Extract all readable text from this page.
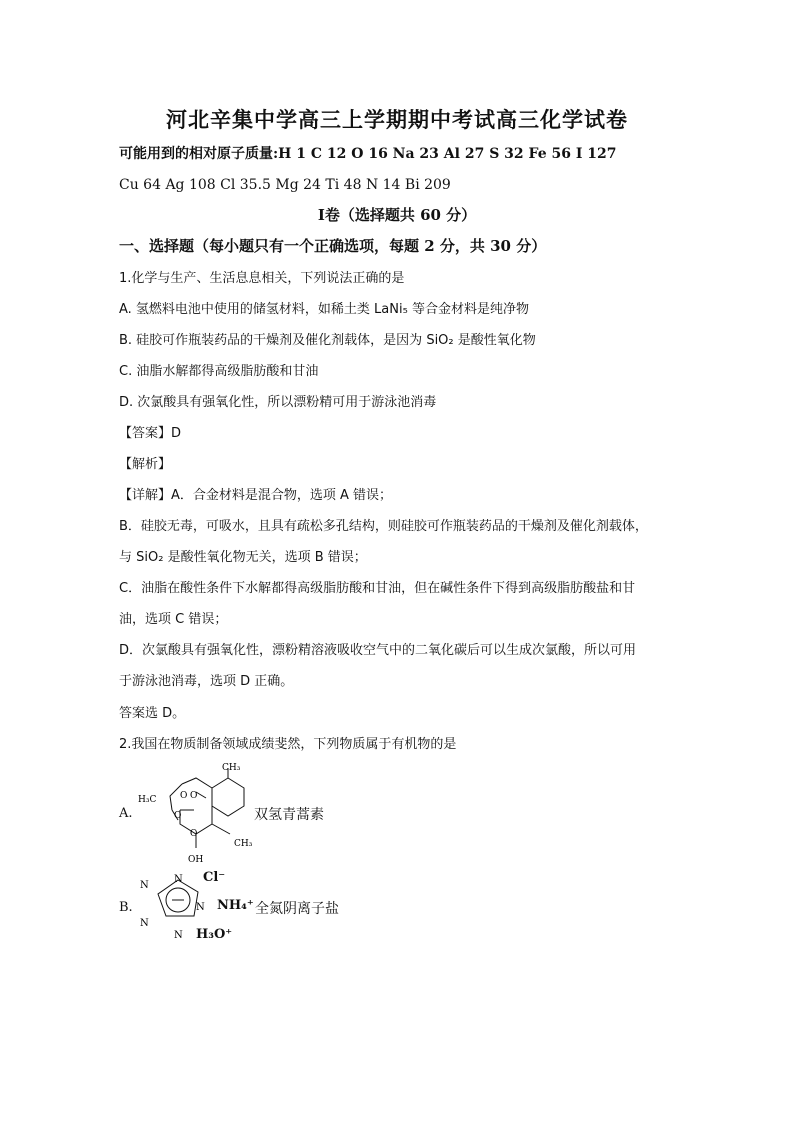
河北辛集中学高三上学期期中考试高三化学试卷
可能用到的相对原子质量:H 1 C 12 O 16 Na 23 Al 27 S 32 Fe 56 I 127
Cu 64 Ag 108 Cl 35.5 Mg 24 Ti 48 N 14 Bi 209
Ⅰ卷（选择题共 60 分）
一、选择题（每小题只有一个正确选项，每题 2 分，共 30 分）
1.化学与生产、生活息息相关，下列说法正确的是
A. 氢燃料电池中使用的储氢材料，如稀土类 LaNi₅ 等合金材料是纯净物
B. 硅胶可作瓶装药品的干燥剂及催化剂载体，是因为 SiO₂ 是酸性氧化物
C. 油脂水解都得高级脂肪酸和甘油
D. 次氯酸具有强氧化性，所以漂粉精可用于游泳池消毒
【答案】D
【解析】
【详解】A．合金材料是混合物，选项 A 错误；
B．硅胶无毒，可吸水，且具有疏松多孔结构，则硅胶可作瓶装药品的干燥剂及催化剂载体，
与 SiO₂ 是酸性氧化物无关，选项 B 错误；
C．油脂在酸性条件下水解都得高级脂肪酸和甘油，但在碱性条件下得到高级脂肪酸盐和甘
油，选项 C 错误；
D．次氯酸具有强氧化性，漂粉精溶液吸收空气中的二氧化碳后可以生成次氯酸，所以可用
于游泳池消毒，选项 D 正确。
答案选 D。
2.我国在物质制备领域成绩斐然，下列物质属于有机物的是
A.
CH₃
H₃C	O O
O
O
CH₃
OH
双氢青蒿素
B.
N
N
N
N
N
Cl⁻
NH₄⁺ 全氮阴离子盐
H₃O⁺
